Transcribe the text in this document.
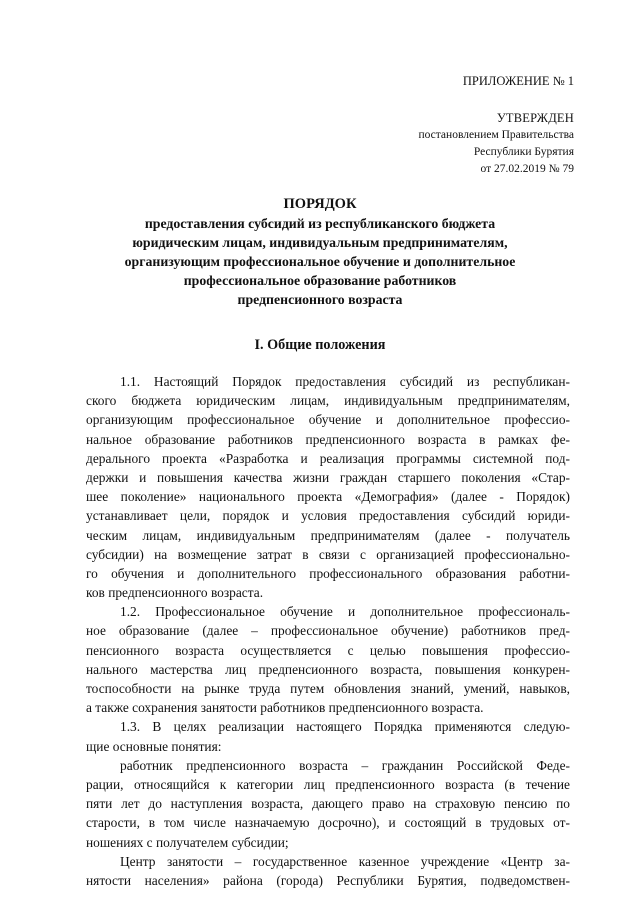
ПРИЛОЖЕНИЕ № 1
УТВЕРЖДЕН
постановлением Правительства
Республики Бурятия
от 27.02.2019 № 79
ПОРЯДОК
предоставления субсидий из республиканского бюджета
юридическим лицам, индивидуальным предпринимателям,
организующим профессиональное обучение и дополнительное
профессиональное образование работников
предпенсионного возраста
I. Общие положения
1.1. Настоящий Порядок предоставления субсидий из республикан-
ского бюджета юридическим лицам, индивидуальным предпринимателям,
организующим профессиональное обучение и дополнительное профессио-
нальное образование работников предпенсионного возраста в рамках фе-
дерального проекта «Разработка и реализация программы системной под-
держки и повышения качества жизни граждан старшего поколения «Стар-
шее поколение» национального проекта «Демография» (далее - Порядок)
устанавливает цели, порядок и условия предоставления субсидий юриди-
ческим лицам, индивидуальным предпринимателям (далее - получатель
субсидии) на возмещение затрат в связи с организацией профессионально-
го обучения и дополнительного профессионального образования работни-
ков предпенсионного возраста.
1.2. Профессиональное обучение и дополнительное профессиональ-
ное образование (далее – профессиональное обучение) работников пред-
пенсионного возраста осуществляется с целью повышения профессио-
нального мастерства лиц предпенсионного возраста, повышения конкурен-
тоспособности на рынке труда путем обновления знаний, умений, навыков,
а также сохранения занятости работников предпенсионного возраста.
1.3. В целях реализации настоящего Порядка применяются следую-
щие основные понятия:
работник предпенсионного возраста – гражданин Российской Феде-
рации, относящийся к категории лиц предпенсионного возраста (в течение
пяти лет до наступления возраста, дающего право на страховую пенсию по
старости, в том числе назначаемую досрочно), и состоящий в трудовых от-
ношениях с получателем субсидии;
Центр занятости – государственное казенное учреждение «Центр за-
нятости населения» района (города) Республики Бурятия, подведомствен-
